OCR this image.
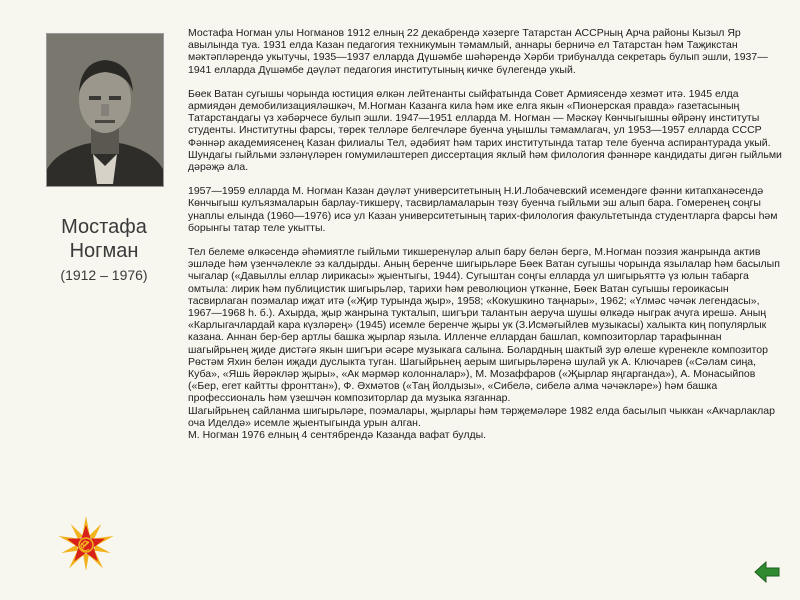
Мостафа
Ногман
(1912 – 1976)

Мостафа Ногман улы Ногманов 1912 елның 22 декабрендә хәзерге Татарстан АССРның Арча районы Кызыл Яр авылында туа. 1931 елда Казан педагогия техникумын тәмамлый, аннары берничә ел Татарстан һәм Таҗикстан мәктәпләрендә укытучы, 1935—1937 елларда Дүшәмбе шәһәрендә Хәрби трибуналда секретарь булып эшли, 1937—1941 елларда Дүшәмбе дәүләт педагогия институтының кичке бүлегендә укый.

Бөек Ватан сугышы чорында юстиция өлкән лейтенанты сыйфатында Совет Армиясендә хезмәт итә. 1945 елда армиядән демобилизацияләшкәч, М.Ногман Казанга кила һәм ике елга якын «Пионерская правда» газетасының Татарстандагы үз хәбәрчесе булып эшли. 1947—1951 елларда М. Ногман — Мәскәү Көнчыгышны өйрәнү институты студенты. Институтны фарсы, төрек телләре белгечләре буенча уңышлы тәмамлагач, ул 1953—1957 елларда СССР Фәннәр академиясенең Казан филиалы Тел, әдәбият һәм тарих институтында татар теле буенча аспирантурада укый. Шундагы гыйльми эзләнүләрен гомумиләштереп диссертация яклый һәм филология фәннәре кандидаты дигән гыйльми дәрәҗә ала.

1957—1959 елларда М. Ногман Казан дәүләт университетының Н.И.Лобачевский исемендәге фәнни китапханәсендә Көнчыгыш кулъязмаларын барлау-тикшерү, тасвирламаларын төзү буенча гыйльми эш алып бара. Гомеренең соңгы унаплы елында (1960—1976) исә ул Казан университетының тарих-филология факультетында студентларга фарсы һәм борынгы татар теле укытты.

Тел белеме өлкәсендә әһәмиятле гыйльми тикшеренүләр алып бару белән бергә, М.Ногман поэзия жанрында актив эшләде һәм үзенчәлекле эз калдырды. Аның беренче шигырьләре Бөек Ватан сугышы чорында язылалар һәм басылып чыгалар («Давыллы еллар лирикасы» җыентыгы, 1944). Сугыштан соңгы елларда ул шигырьяттә үз юлын табарга омтыла: лирик һәм публицистик шигырьләр, тарихи һәм революцион үткәнне, Бөек Ватан сугышы героикасын тасвирлаган поэмалар иҗат итә («Җир турында җыр», 1958; «Кокушкино таңнары», 1962; «Үлмәс чәчәк легендасы», 1967—1968 h. б.). Ахырда, җыр жанрына тукталып, шигъри талантын аеруча шушы өлкәдә ныграк ачуга ирешә. Аның «Карлыгачлардай кара күзләрең» (1945) исемле беренче җыры ук (З.Исмәгыйлев музыкасы) халыкта киң популярлык казана. Аннан бер-бер артлы башка җырлар языла. Илленче еллардан башлап, композиторлар тарафыннан шагыйрьнең җиде дистәгә якын шигъри әсәре музыкага салына. Болардның шактый зур өлеше күренекле композитор Рөстәм Яхин белән иҗади дуслыкта туган. Шагыйрьнең аерым шигырьләренә шулай ук А. Ключарев («Сәлам сиңа, Куба», «Яшь йөрәкләр җыры», «Ак мәрмәр колонналар»), М. Мозаффаров («Җырлар яңгарганда»), А. Монасыйпов («Бер, егет кайтты фронттан»), Ф. Әхмәтов («Таң йолдызы», «Сибелә, сибелә алма чәчәкләре») һәм башка профессиональ һәм үзешчән композиторлар да музыка язганнар.
Шагыйрьнең сайланма шигырьләре, поэмалары, җырлары һәм тәрҗемәләре 1982 елда басылып чыккан «Акчарлаклар оча Иделдә» исемле җыентыгында урын алган.
М. Ногман 1976 елның 4 сентябрендә Казанда вафат булды.
